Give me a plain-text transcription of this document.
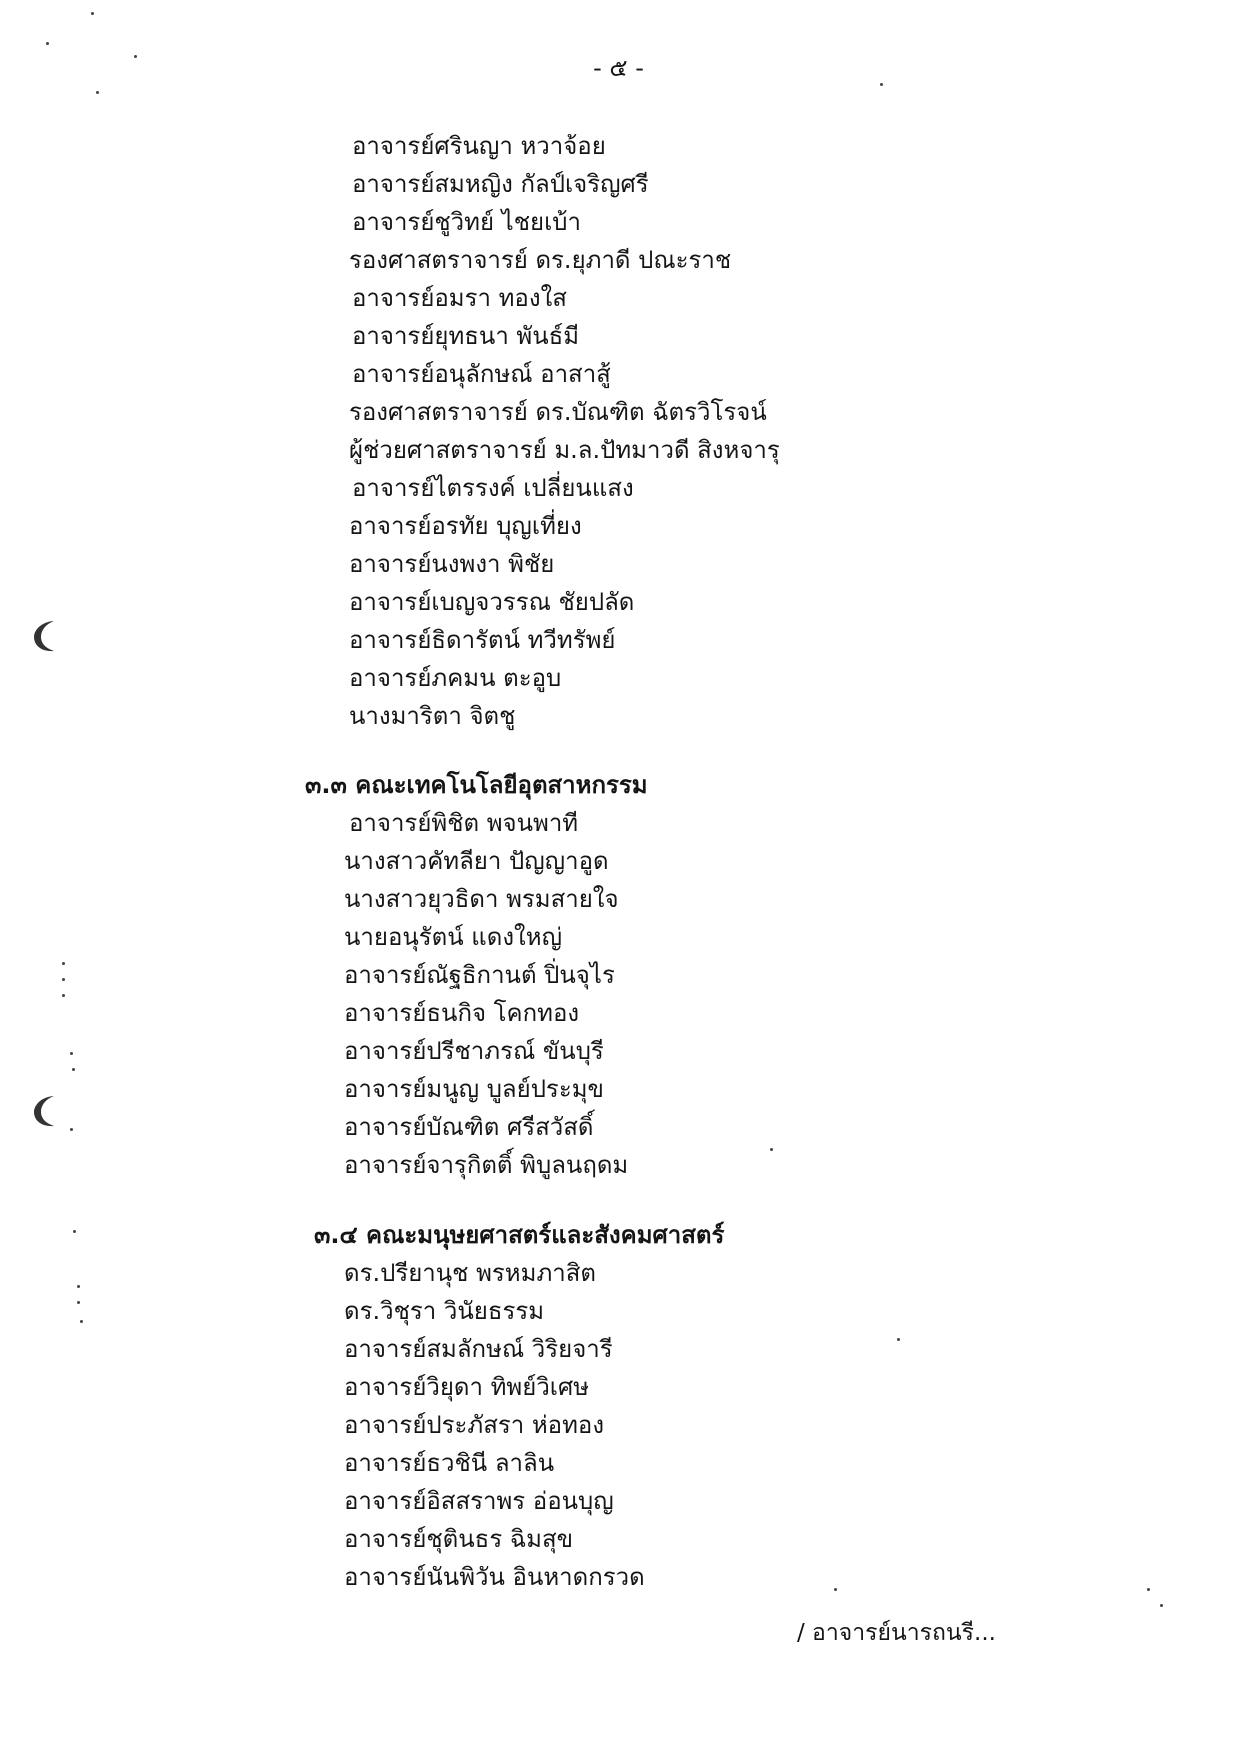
- ๕ -
อาจารย์ศรินญา หวาจ้อย
อาจารย์สมหญิง กัลป์เจริญศรี
อาจารย์ชูวิทย์ ไชยเบ้า
รองศาสตราจารย์ ดร.ยุภาดี ปณะราช
อาจารย์อมรา ทองใส
อาจารย์ยุทธนา พันธ์มี
อาจารย์อนุลักษณ์ อาสาสู้
รองศาสตราจารย์ ดร.บัณฑิต ฉัตรวิโรจน์
ผู้ช่วยศาสตราจารย์ ม.ล.ปัทมาวดี สิงหจารุ
อาจารย์ไตรรงค์ เปลี่ยนแสง
อาจารย์อรทัย บุญเที่ยง
อาจารย์นงพงา พิชัย
อาจารย์เบญจวรรณ ชัยปลัด
อาจารย์ธิดารัตน์ ทวีทรัพย์
อาจารย์ภคมน ตะอูบ
นางมาริตา จิตชู
๓.๓ คณะเทคโนโลยีอุตสาหกรรม
อาจารย์พิชิต พจนพาที
นางสาวคัทลียา ปัญญาอูด
นางสาวยุวธิดา พรมสายใจ
นายอนุรัตน์ แดงใหญ่
อาจารย์ณัฐธิกานต์ ปิ่นจุไร
อาจารย์ธนกิจ โคกทอง
อาจารย์ปรีชาภรณ์ ขันบุรี
อาจารย์มนูญ บูลย์ประมุข
อาจารย์บัณฑิต ศรีสวัสดิ์
อาจารย์จารุกิตติ์ พิบูลนฤดม
๓.๔ คณะมนุษยศาสตร์และสังคมศาสตร์
ดร.ปรียานุช พรหมภาสิต
ดร.วิชุรา วินัยธรรม
อาจารย์สมลักษณ์ วิริยจารี
อาจารย์วิยุดา ทิพย์วิเศษ
อาจารย์ประภัสรา ห่อทอง
อาจารย์ธวชินี ลาลิน
อาจารย์อิสสราพร อ่อนบุญ
อาจารย์ชุตินธร ฉิมสุข
อาจารย์นันพิวัน อินหาดกรวด
/ อาจารย์นารถนรี...
